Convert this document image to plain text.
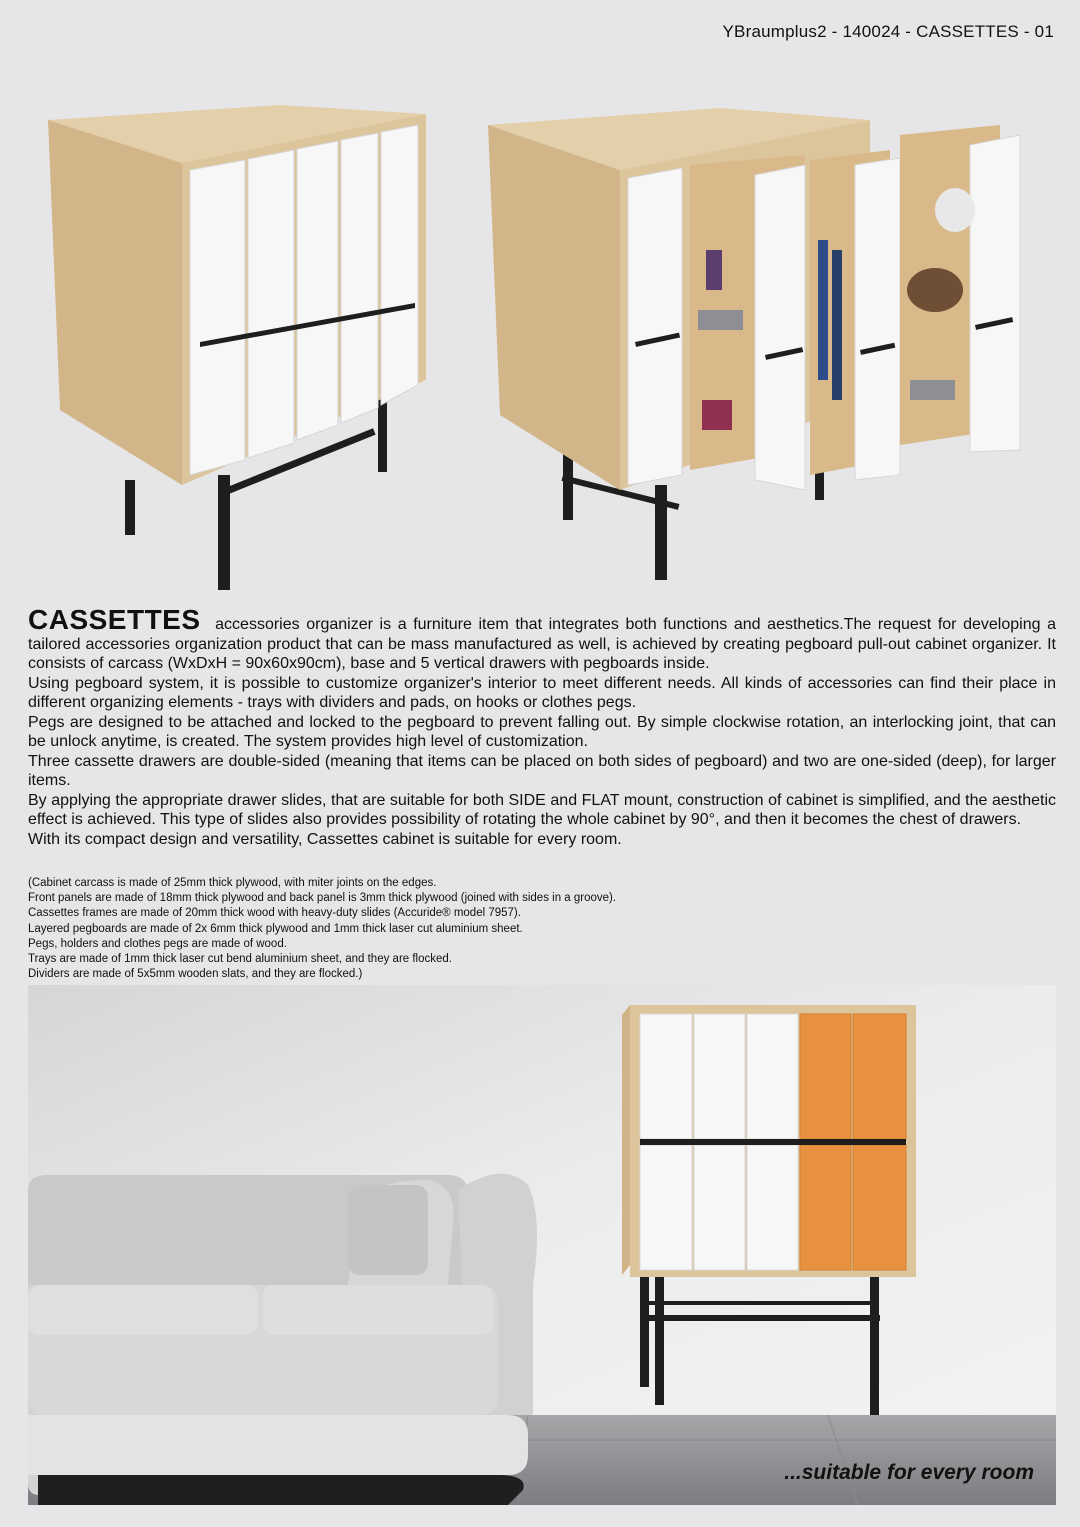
YBraumplus2 - 140024 - CASSETTES - 01

CASSETTES accessories organizer is a furniture item that integrates both functions and aesthetics.The request for developing a tailored accessories organization product that can be mass manufactured as well, is achieved by creating pegboard pull-out cabinet organizer. It consists of carcass (WxDxH = 90x60x90cm), base and 5 vertical drawers with pegboards inside.

Using pegboard system, it is possible to customize organizer's interior to meet different needs. All kinds of accessories can find their place in different organizing elements - trays with dividers and pads, on hooks or clothes pegs.

Pegs are designed to be attached and locked to the pegboard to prevent falling out. By simple clockwise rotation, an interlocking joint, that can be unlock anytime, is created. The system provides high level of customization.

Three cassette drawers are double-sided (meaning that items can be placed on both sides of pegboard) and two are one-sided (deep), for larger items.

By applying the appropriate drawer slides, that are suitable for both SIDE and FLAT mount, construction of cabinet is simplified, and the aesthetic effect is achieved. This type of slides also provides possibility of rotating the whole cabinet by 90°, and then it becomes the chest of drawers.

With its compact design and versatility, Cassettes cabinet is suitable for every room.

(Cabinet carcass is made of 25mm thick plywood, with miter joints on the edges.
Front panels are made of 18mm thick plywood and back panel is 3mm thick plywood (joined with sides in a groove).
Cassettes frames are made of 20mm thick wood with heavy-duty slides (Accuride® model 7957).
Layered pegboards are made of 2x 6mm thick plywood and 1mm thick laser cut aluminium sheet.
Pegs, holders and clothes pegs are made of wood.
Trays are made of 1mm thick laser cut bend aluminium sheet, and they are flocked.
Dividers are made of 5x5mm wooden slats, and they are flocked.)
...suitable for every room
